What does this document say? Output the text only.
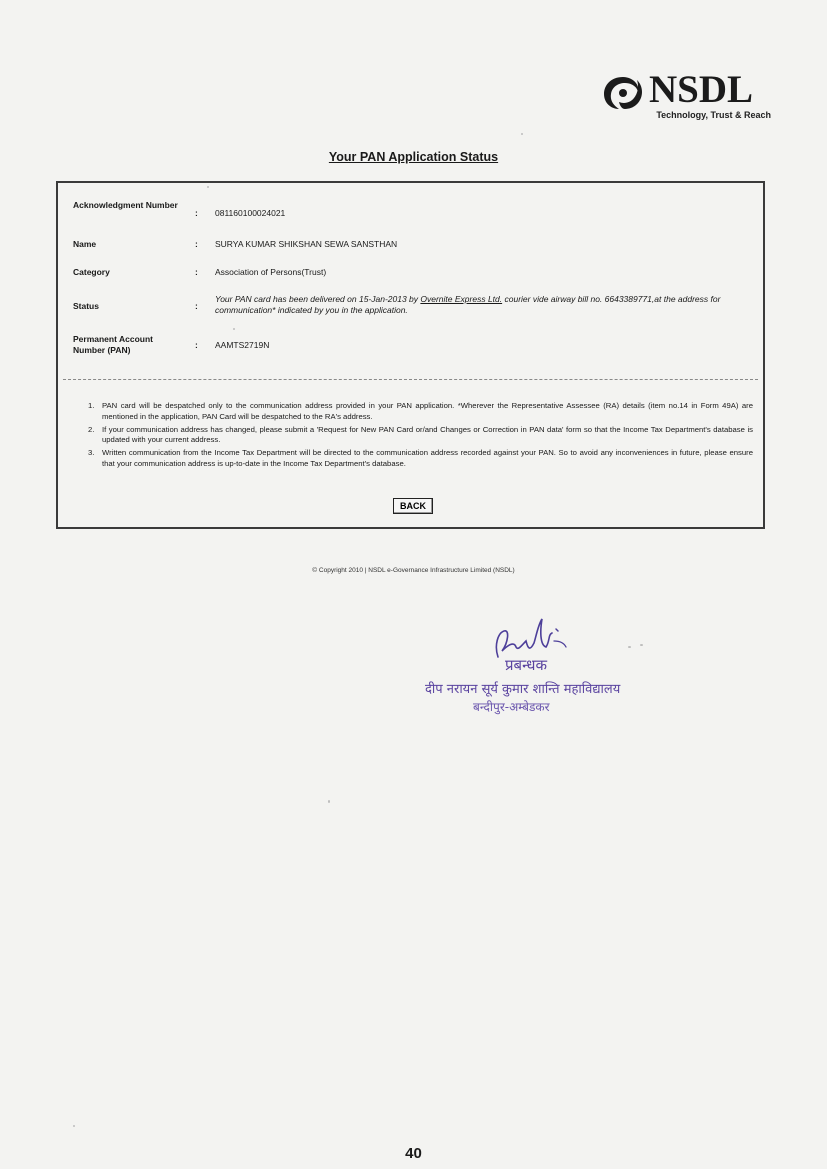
NSDL
Technology, Trust & Reach
Your PAN Application Status
Acknowledgment Number
: 081160100024021
Name	: SURYA KUMAR SHIKSHAN SEWA SANSTHAN
Category	: Association of Persons(Trust)
Status	:
Your PAN card has been delivered on 15-Jan-2013 by Overnite Express Ltd. courier vide airway bill no. 6643389771,at the address for communication* indicated by you in the application.
Permanent Account Number (PAN)	: AAMTS2719N
1. PAN card will be despatched only to the communication address provided in your PAN application. *Wherever the Representative Assessee (RA) details (item no.14 in Form 49A) are mentioned in the application, PAN Card will be despatched to the RA's address.
2. If your communication address has changed, please submit a 'Request for New PAN Card or/and Changes or Correction in PAN data' form so that the Income Tax Department's database is updated with your current address.
3. Written communication from the Income Tax Department will be directed to the communication address recorded against your PAN. So to avoid any inconveniences in future, please ensure that your communication address is up-to-date in the Income Tax Department's database.
BACK
© Copyright 2010 | NSDL e-Governance Infrastructure Limited (NSDL)
प्रबन्धक
दीप नरायन सूर्य कुमार शान्ति महाविद्यालय
बन्दीपुर-अम्बेडकर
40
